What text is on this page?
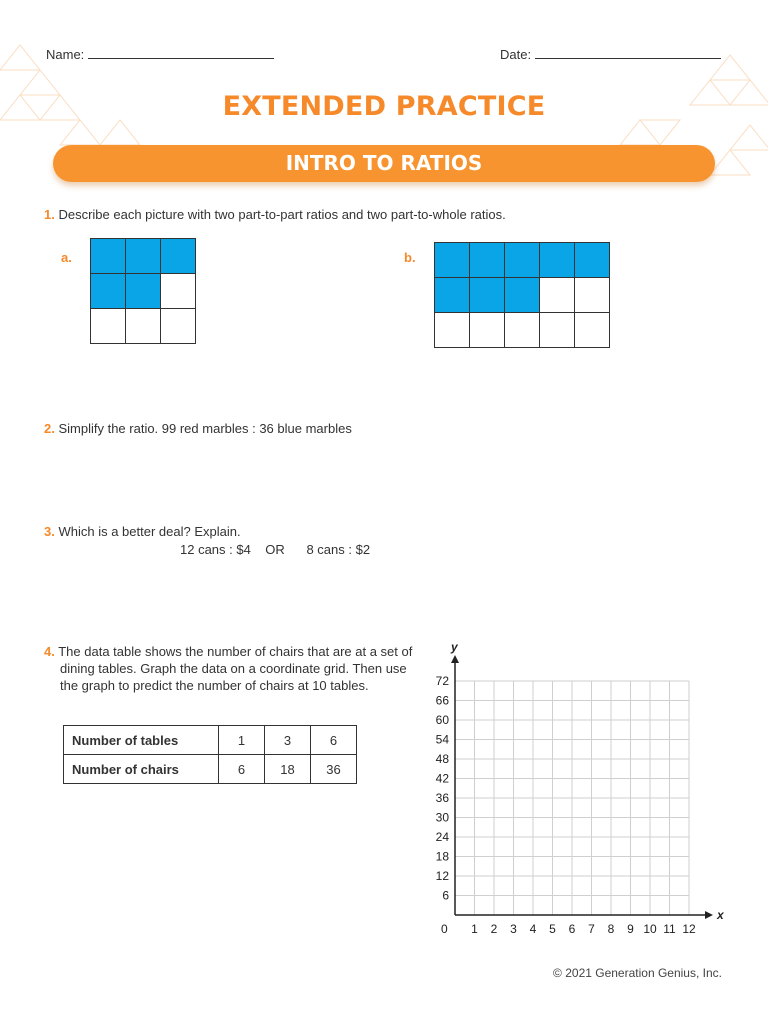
Name:	Date:
EXTENDED PRACTICE
INTRO TO RATIOS
1. Describe each picture with two part-to-part ratios and two part-to-whole ratios.
a.	b.

2. Simplify the ratio. 99 red marbles : 36 blue marbles
3. Which is a better deal? Explain.
12 cans : $4 OR 8 cans : $2
4. The data table shows the number of chairs that are at a set of dining tables. Graph the data on a coordinate grid. Then use the graph to predict the number of chairs at 10 tables.
Number of tables	1	3	6
Number of chairs	6	18	36
x
y
0 1 2 3 4 5 6 7 8 9 10 11 12
6
12
18
24
30
36
42
48
54
60
66
72
© 2021 Generation Genius, Inc.
